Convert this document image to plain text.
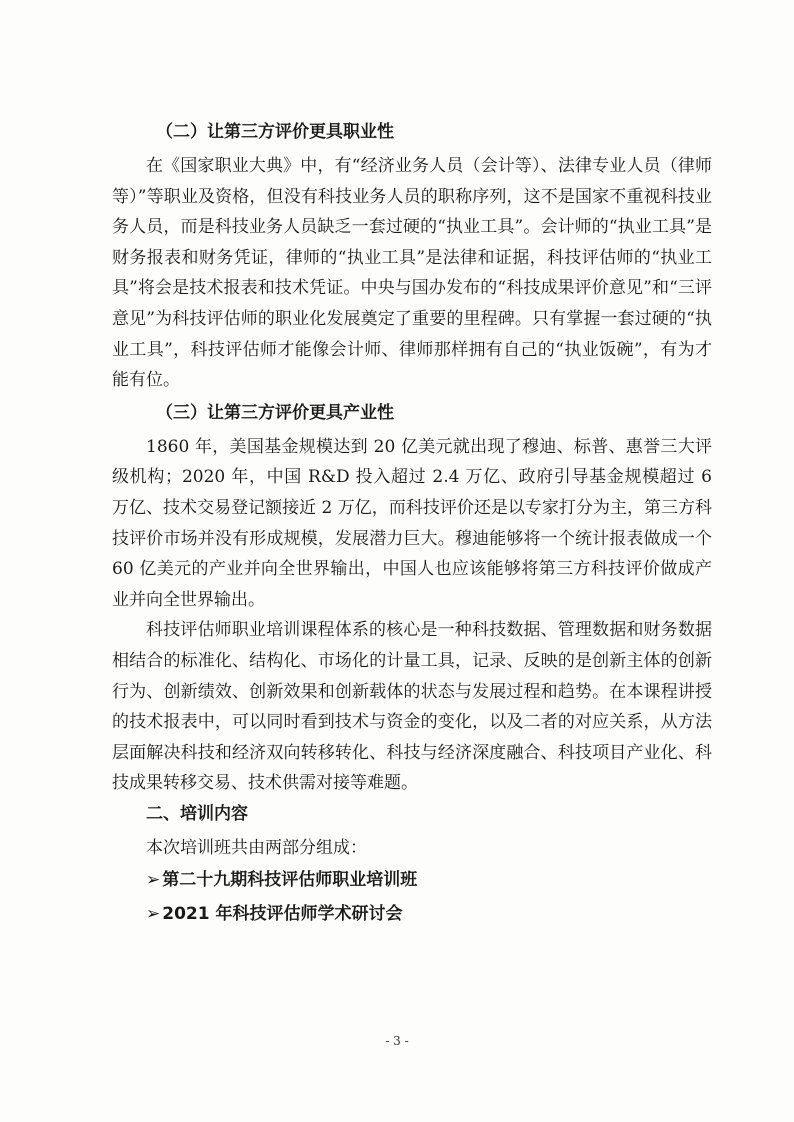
（二）让第三方评价更具职业性

在《国家职业大典》中，有“经济业务人员（会计等）、法律专业人员（律师等）”等职业及资格，但没有科技业务人员的职称序列，这不是国家不重视科技业务人员，而是科技业务人员缺乏一套过硬的“执业工具”。会计师的“执业工具”是财务报表和财务凭证，律师的“执业工具”是法律和证据，科技评估师的“执业工具”将会是技术报表和技术凭证。中央与国办发布的“科技成果评价意见”和“三评意见”为科技评估师的职业化发展奠定了重要的里程碑。只有掌握一套过硬的“执业工具”，科技评估师才能像会计师、律师那样拥有自己的“执业饭碗”，有为才能有位。

（三）让第三方评价更具产业性

1860 年，美国基金规模达到 20 亿美元就出现了穆迪、标普、惠誉三大评级机构；2020 年，中国 R&D 投入超过 2.4 万亿、政府引导基金规模超过 6 万亿、技术交易登记额接近 2 万亿，而科技评价还是以专家打分为主，第三方科技评价市场并没有形成规模，发展潜力巨大。穆迪能够将一个统计报表做成一个 60 亿美元的产业并向全世界输出，中国人也应该能够将第三方科技评价做成产业并向全世界输出。

科技评估师职业培训课程体系的核心是一种科技数据、管理数据和财务数据相结合的标准化、结构化、市场化的计量工具，记录、反映的是创新主体的创新行为、创新绩效、创新效果和创新载体的状态与发展过程和趋势。在本课程讲授的技术报表中，可以同时看到技术与资金的变化，以及二者的对应关系，从方法层面解决科技和经济双向转移转化、科技与经济深度融合、科技项目产业化、科技成果转移交易、技术供需对接等难题。

二、培训内容
本次培训班共由两部分组成：
➢ 第二十九期科技评估师职业培训班
➢ 2021 年科技评估师学术研讨会
- 3 -
